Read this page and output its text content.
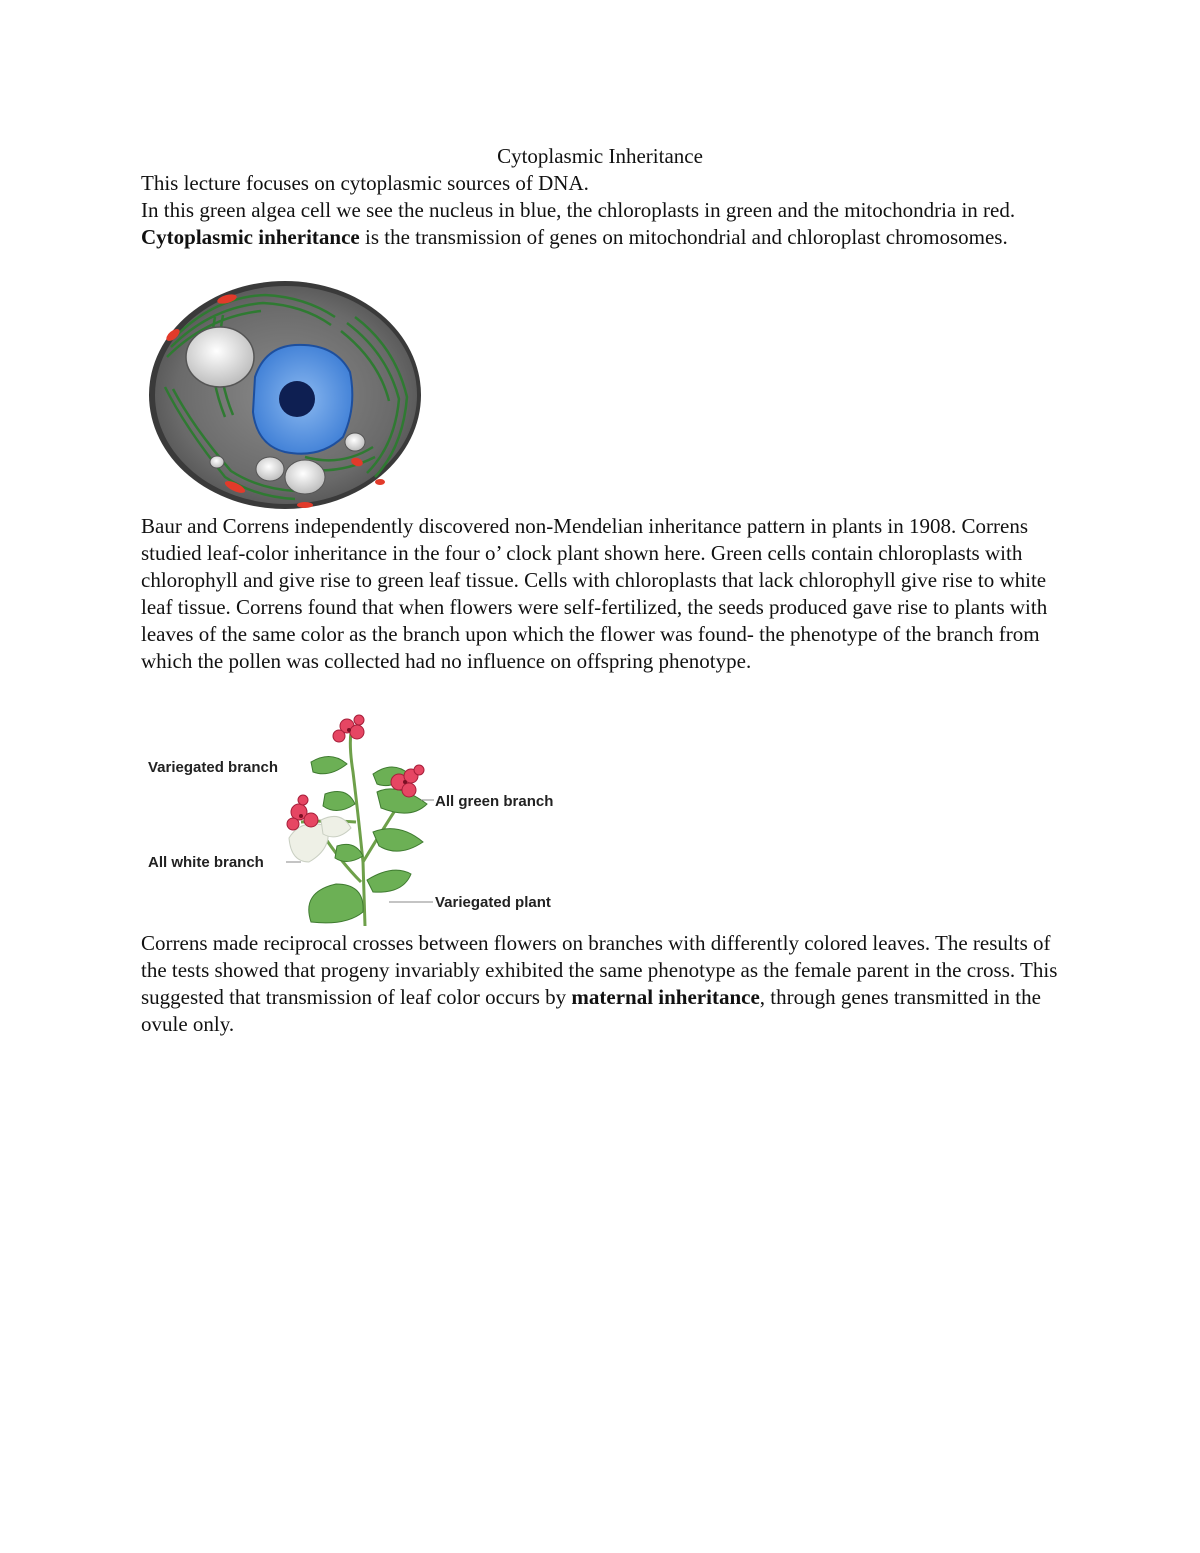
Cytoplasmic Inheritance

This lecture focuses on cytoplasmic sources of DNA.

In this green algea cell we see the nucleus in blue, the chloroplasts in green and the mitochondria in red. Cytoplasmic inheritance is the transmission of genes on mitochondrial and chloroplast chromosomes.

Baur and Correns independently discovered non-Mendelian inheritance pattern in plants in 1908. Correns studied leaf-color inheritance in the four o’ clock plant shown here. Green cells contain chloroplasts with chlorophyll and give rise to green leaf tissue. Cells with chloroplasts that lack chlorophyll give rise to white leaf tissue. Correns found that when flowers were self-fertilized, the seeds produced gave rise to plants with leaves of the same color as the branch upon which the flower was found- the phenotype of the branch from which the pollen was collected had no influence on offspring phenotype.

Variegated branch
All green branch
All white branch
Variegated plant

Correns made reciprocal crosses between flowers on branches with differently colored leaves. The results of the tests showed that progeny invariably exhibited the same phenotype as the female parent in the cross. This suggested that transmission of leaf color occurs by maternal inheritance, through genes transmitted in the ovule only.
